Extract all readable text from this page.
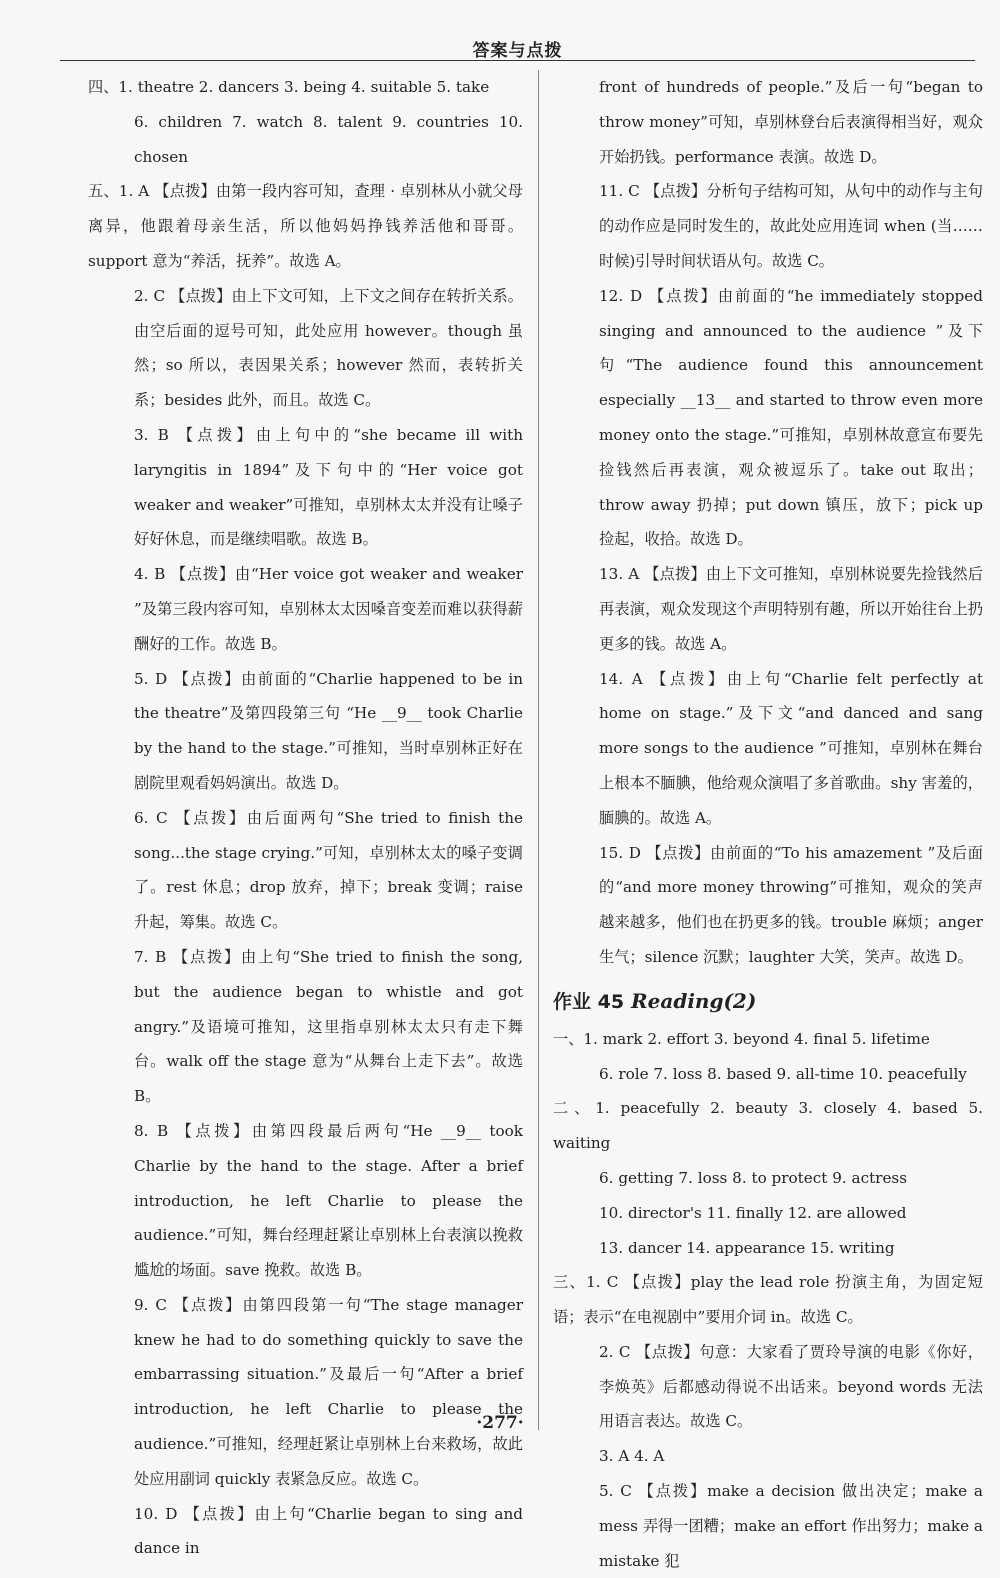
答案与点拨

四、1. theatre 2. dancers 3. being 4. suitable 5. take

6. children 7. watch 8. talent 9. countries 10. chosen

五、1. A 【点拨】由第一段内容可知，查理 · 卓别林从小就父母离异，他跟着母亲生活，所以他妈妈挣钱养活他和哥哥。support 意为“养活，抚养”。故选 A。

2. C 【点拨】由上下文可知，上下文之间存在转折关系。由空后面的逗号可知，此处应用 however。though 虽然；so 所以，表因果关系；however 然而，表转折关系；besides 此外，而且。故选 C。

3. B 【点拨】由上句中的“she became ill with laryngitis in 1894”及下句中的“Her voice got weaker and weaker”可推知，卓别林太太并没有让嗓子好好休息，而是继续唱歌。故选 B。

4. B 【点拨】由“Her voice got weaker and weaker ”及第三段内容可知，卓别林太太因嗓音变差而难以获得薪酬好的工作。故选 B。

5. D 【点拨】由前面的“Charlie happened to be in the theatre”及第四段第三句 “He __9__ took Charlie by the hand to the stage.”可推知，当时卓别林正好在剧院里观看妈妈演出。故选 D。

6. C 【点拨】由后面两句“She tried to finish the song...the stage crying.”可知，卓别林太太的嗓子变调了。rest 休息；drop 放弃，掉下；break 变调；raise 升起，筹集。故选 C。

7. B 【点拨】由上句“She tried to finish the song, but the audience began to whistle and got angry.”及语境可推知，这里指卓别林太太只有走下舞台。walk off the stage 意为“从舞台上走下去”。故选 B。

8. B 【点拨】由第四段最后两句“He __9__ took Charlie by the hand to the stage. After a brief introduction, he left Charlie to please the audience.”可知，舞台经理赶紧让卓别林上台表演以挽救尴尬的场面。save 挽救。故选 B。

9. C 【点拨】由第四段第一句“The stage manager knew he had to do something quickly to save the embarrassing situation.”及最后一句“After a brief introduction, he left Charlie to please the audience.”可推知，经理赶紧让卓别林上台来救场，故此处应用副词 quickly 表紧急反应。故选 C。

10. D 【点拨】由上句“Charlie began to sing and dance in

front of hundreds of people.”及后一句“began to throw money”可知，卓别林登台后表演得相当好，观众开始扔钱。performance 表演。故选 D。

11. C 【点拨】分析句子结构可知，从句中的动作与主句的动作应是同时发生的，故此处应用连词 when (当……时候)引导时间状语从句。故选 C。

12. D 【点拨】由前面的“he immediately stopped singing and announced to the audience ”及下句“The audience found this announcement especially __13__ and started to throw even more money onto the stage.”可推知，卓别林故意宣布要先捡钱然后再表演，观众被逗乐了。take out 取出；throw away 扔掉；put down 镇压，放下；pick up 捡起，收拾。故选 D。

13. A 【点拨】由上下文可推知，卓别林说要先捡钱然后再表演，观众发现这个声明特别有趣，所以开始往台上扔更多的钱。故选 A。

14. A 【点拨】由上句“Charlie felt perfectly at home on stage.”及下文“and danced and sang more songs to the audience ”可推知，卓别林在舞台上根本不腼腆，他给观众演唱了多首歌曲。shy 害羞的，腼腆的。故选 A。

15. D 【点拨】由前面的“To his amazement ”及后面的“and more money throwing”可推知，观众的笑声越来越多，他们也在扔更多的钱。trouble 麻烦；anger 生气；silence 沉默；laughter 大笑，笑声。故选 D。

作业 45 Reading(2)

一、1. mark 2. effort 3. beyond 4. final 5. lifetime

6. role 7. loss 8. based 9. all-time 10. peacefully

二、1. peacefully 2. beauty 3. closely 4. based 5. waiting

6. getting 7. loss 8. to protect 9. actress

10. director's 11. finally 12. are allowed

13. dancer 14. appearance 15. writing

三、1. C 【点拨】play the lead role 扮演主角，为固定短语；表示“在电视剧中”要用介词 in。故选 C。

2. C 【点拨】句意：大家看了贾玲导演的电影《你好，李焕英》后都感动得说不出话来。beyond words 无法用语言表达。故选 C。

3. A 4. A

5. C 【点拨】make a decision 做出决定；make a mess 弄得一团糟；make an effort 作出努力；make a mistake 犯

·277·
